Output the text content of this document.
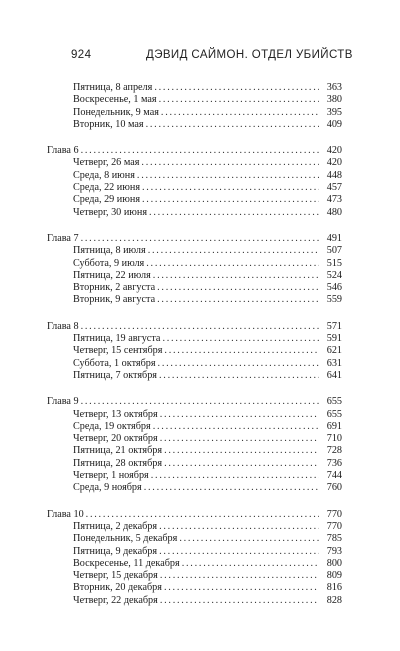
924	ДЭВИД САЙМОН. ОТДЕЛ УБИЙСТВ
Пятница, 8 апреля . . .	363
Воскресенье, 1 мая . . .	380
Понедельник, 9 мая . . .	395
Вторник, 10 мая . . .	409
Глава 6 . . .	420
Четверг, 26 мая . . .	420
Среда, 8 июня . . .	448
Среда, 22 июня . . .	457
Среда, 29 июня . . .	473
Четверг, 30 июня . . .	480
Глава 7 . . .	491
Пятница, 8 июля . . .	507
Суббота, 9 июля . . .	515
Пятница, 22 июля . . .	524
Вторник, 2 августа . . .	546
Вторник, 9 августа . . .	559
Глава 8 . . .	571
Пятница, 19 августа . . .	591
Четверг, 15 сентября . . .	621
Суббота, 1 октября . . .	631
Пятница, 7 октября . . .	641
Глава 9 . . .	655
Четверг, 13 октября . . .	655
Среда, 19 октября . . .	691
Четверг, 20 октября . . .	710
Пятница, 21 октября . . .	728
Пятница, 28 октября . . .	736
Четверг, 1 ноября . . .	744
Среда, 9 ноября . . .	760
Глава 10 . . .	770
Пятница, 2 декабря . . .	770
Понедельник, 5 декабря . . .	785
Пятница, 9 декабря . . .	793
Воскресенье, 11 декабря . . .	800
Четверг, 15 декабря . . .	809
Вторник, 20 декабря . . .	816
Четверг, 22 декабря . . .	828
